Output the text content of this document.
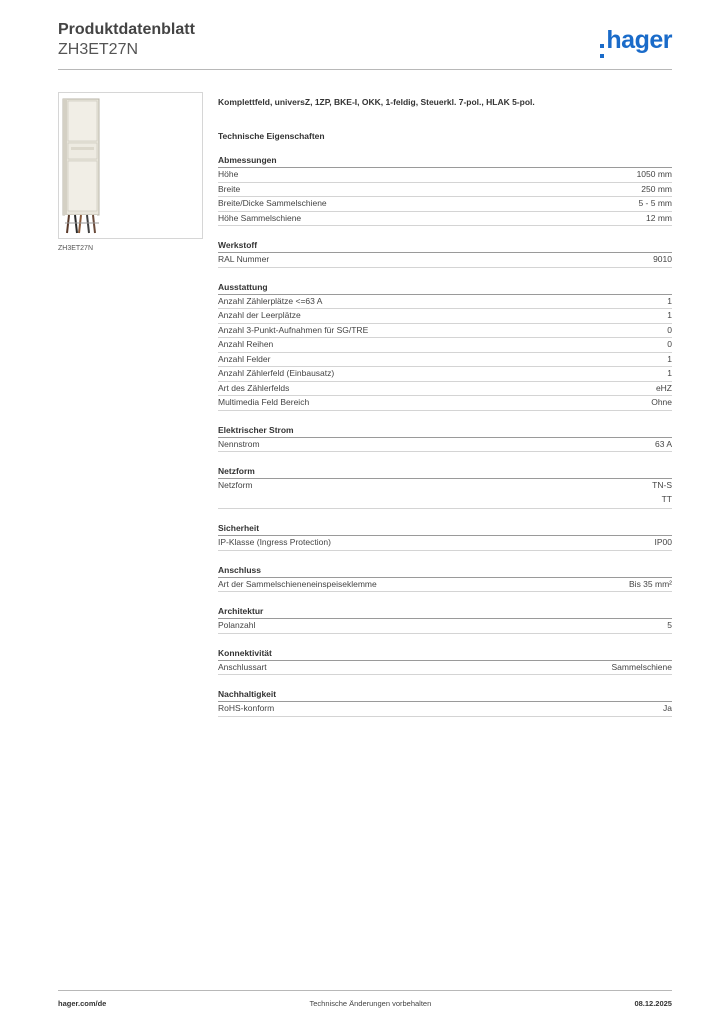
Produktdatenblatt
ZH3ET27N	hager
ZH3ET27N
Komplettfeld, universZ, 1ZP, BKE-I, OKK, 1-feldig, Steuerkl. 7-pol., HLAK 5-pol.
Technische Eigenschaften
Abmessungen
Höhe	1050 mm
Breite	250 mm
Breite/Dicke Sammelschiene	5 - 5 mm
Höhe Sammelschiene	12 mm
Werkstoff
RAL Nummer	9010
Ausstattung
Anzahl Zählerplätze <=63 A	1
Anzahl der Leerplätze	1
Anzahl 3-Punkt-Aufnahmen für SG/TRE	0
Anzahl Reihen	0
Anzahl Felder	1
Anzahl Zählerfeld (Einbausatz)	1
Art des Zählerfelds	eHZ
Multimedia Feld Bereich	Ohne
Elektrischer Strom
Nennstrom	63 A
Netzform
Netzform	TN-S
TT
Sicherheit
IP-Klasse (Ingress Protection)	IP00
Anschluss
Art der Sammelschieneneinspeiseklemme	Bis 35 mm²
Architektur
Polanzahl	5
Konnektivität
Anschlussart	Sammelschiene
Nachhaltigkeit
RoHS-konform	Ja
hager.com/de	Technische Änderungen vorbehalten	08.12.2025
